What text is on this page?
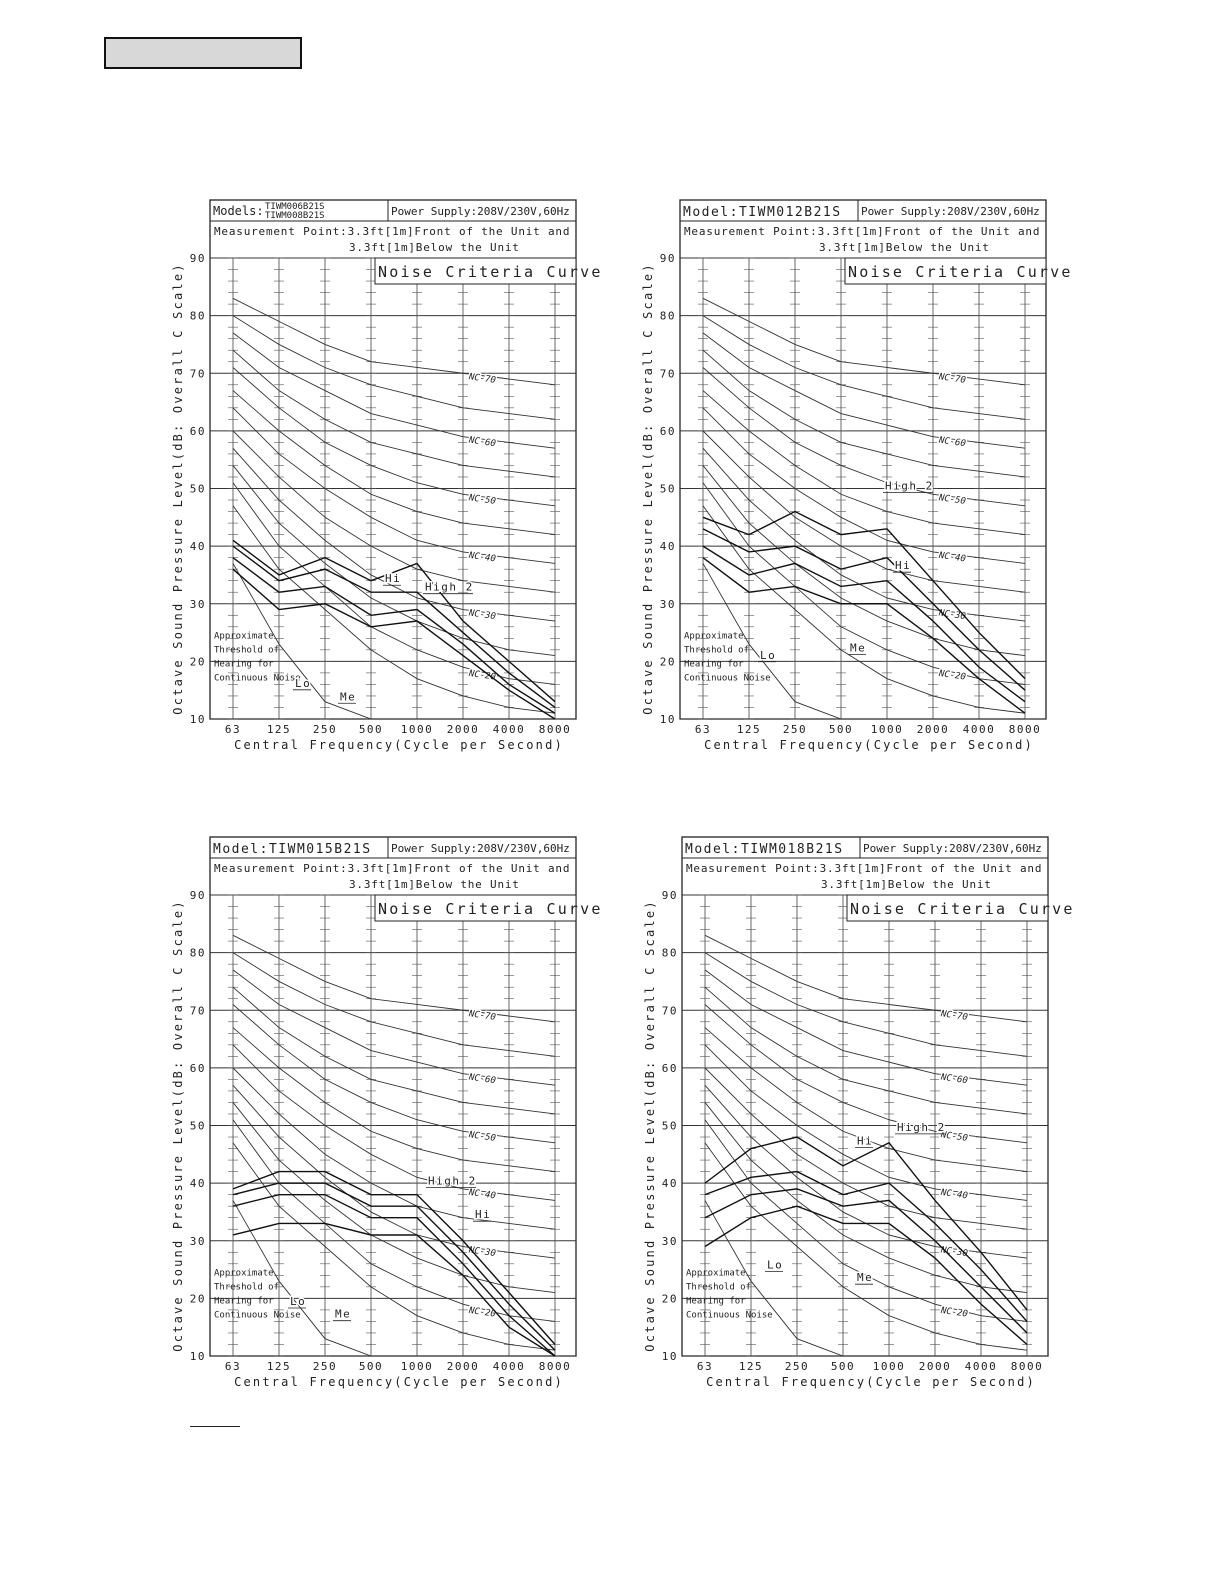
Models: TIWM006B21S
TIWM008B21S	Power Supply:208V/230V,60Hz
Measurement Point:3.3ft[1m]Front of the Unit and
3.3ft[1m]Below the Unit
10
20
30
40
50
60
70
80
90
63 125 250 500 1000 2000 4000 8000
Noise Criteria Curve
NC-70
NC-60
NC-50
NC-40
NC-30
NC-20
Approximate
Threshold of
Hearing for
Continuous Noise
Hi
High 2
Lo
Me
Octave Sound Pressure Level(dB: Overall C Scale)
Central Frequency(Cycle per Second)
Model:TIWM012B21S Power Supply:208V/230V,60Hz
Measurement Point:3.3ft[1m]Front of the Unit and
3.3ft[1m]Below the Unit
10
20
30
40
50
60
70
80
90
63 125 250 500 1000 2000 4000 8000
Noise Criteria Curve
NC-70
NC-60
NC-50
NC-40
NC-30
NC-20
Approximate
Threshold of
Hearing for
Continuous Noise
High 2
Hi
Lo
Me
Octave Sound Pressure Level(dB: Overall C Scale)
Central Frequency(Cycle per Second)
Model:TIWM015B21S Power Supply:208V/230V,60Hz
Measurement Point:3.3ft[1m]Front of the Unit and
3.3ft[1m]Below the Unit
10
20
30
40
50
60
70
80
90
63 125 250 500 1000 2000 4000 8000
Noise Criteria Curve
NC-70
NC-60
NC-50
NC-40
NC-30
NC-20
Approximate
Threshold of
Hearing for
Continuous Noise
High 2
Hi
Lo
Me
Octave Sound Pressure Level(dB: Overall C Scale)
Central Frequency(Cycle per Second)
Model:TIWM018B21S Power Supply:208V/230V,60Hz
Measurement Point:3.3ft[1m]Front of the Unit and
3.3ft[1m]Below the Unit
10
20
30
40
50
60
70
80
90
63 125 250 500 1000 2000 4000 8000
Noise Criteria Curve
NC-70
NC-60
NC-50
NC-40
NC-30
NC-20
Approximate
Threshold of
Hearing for
Continuous Noise
Hi
High 2
Lo
Me
Octave Sound Pressure Level(dB: Overall C Scale)
Central Frequency(Cycle per Second)
